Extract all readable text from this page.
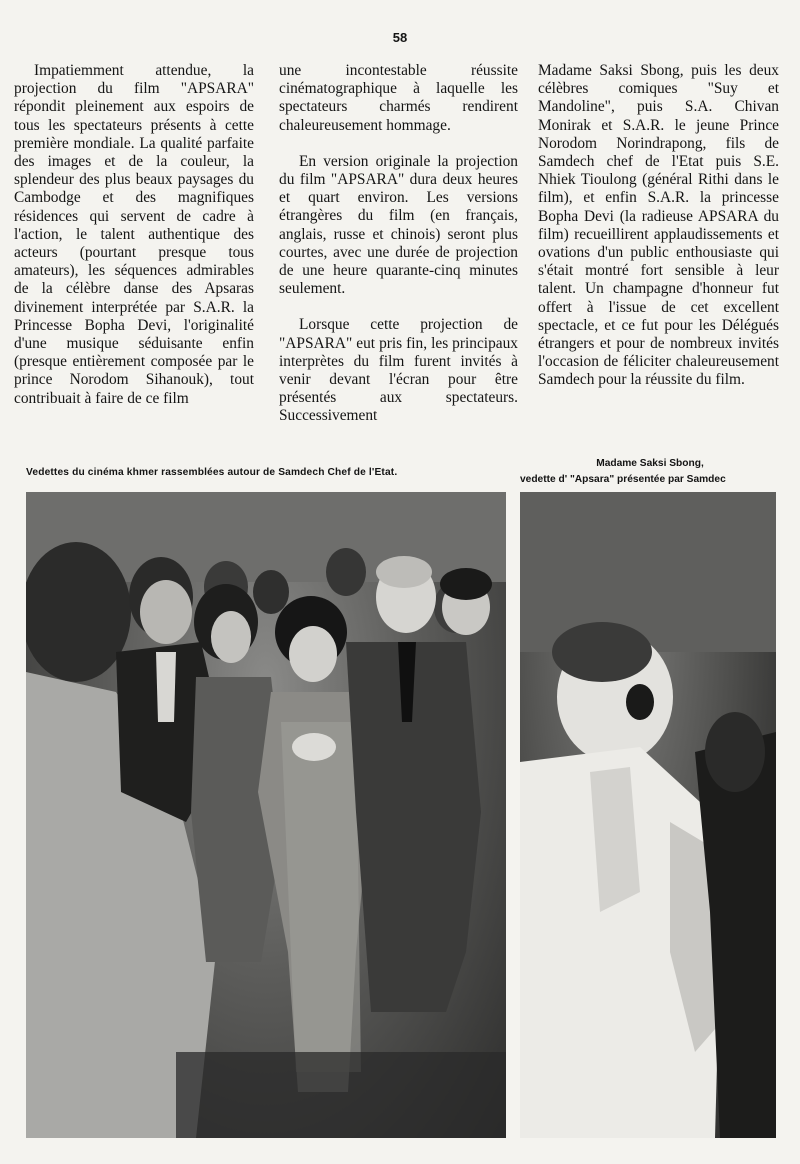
58

Impatiemment attendue, la projection du film "APSARA" répondit pleinement aux espoirs de tous les spectateurs présents à cette première mondiale. La qualité parfaite des images et de la couleur, la splendeur des plus beaux paysages du Cambodge et des magnifiques résidences qui servent de cadre à l'action, le talent authentique des acteurs (pourtant presque tous amateurs), les séquences admirables de la célèbre danse des Apsaras divinement interprétée par S.A.R. la Princesse Bopha Devi, l'originalité d'une musique séduisante enfin (presque entièrement composée par le prince Norodom Sihanouk), tout contribuait à faire de ce film

une incontestable réussite cinématographique à laquelle les spectateurs charmés rendirent chaleureusement hommage.

En version originale la projection du film "APSARA" dura deux heures et quart environ. Les versions étrangères du film (en français, anglais, russe et chinois) seront plus courtes, avec une durée de projection de une heure quarante-cinq minutes seulement.

Lorsque cette projection de "APSARA" eut pris fin, les principaux interprètes du film furent invités à venir devant l'écran pour être présentés aux spectateurs. Successivement

Madame Saksi Sbong, puis les deux célèbres comiques "Suy et Mandoline", puis S.A. Chivan Monirak et S.A.R. le jeune Prince Norodom Norindrapong, fils de Samdech chef de l'Etat puis S.E. Nhiek Tioulong (général Rithi dans le film), et enfin S.A.R. la princesse Bopha Devi (la radieuse APSARA du film) recueillirent applaudissements et ovations d'un public enthousiaste qui s'était montré fort sensible à leur talent. Un champagne d'honneur fut offert à l'issue de cet excellent spectacle, et ce fut pour les Délégués étrangers et pour de nombreux invités l'occasion de féliciter chaleureusement Samdech pour la réussite du film.

Vedettes du cinéma khmer rassemblées autour de Samdech Chef de l'Etat.
Madame Saksi Sbong,
vedette d' "Apsara" présentée par Samdec
